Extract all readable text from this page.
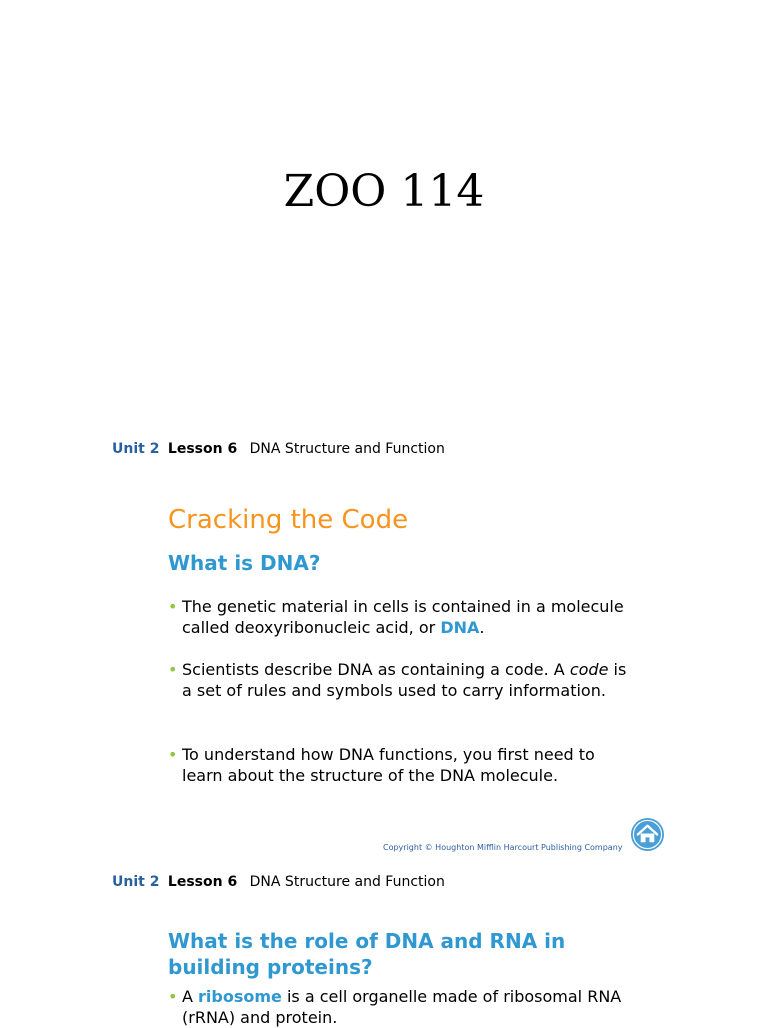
ZOO 114
Unit 2 Lesson 6 DNA Structure and Function
Cracking the Code
What is DNA?
• The genetic material in cells is contained in a molecule called deoxyribonucleic acid, or DNA.
• Scientists describe DNA as containing a code. A code is a set of rules and symbols used to carry information.
• To understand how DNA functions, you first need to learn about the structure of the DNA molecule.
Copyright © Houghton Mifflin Harcourt Publishing Company
Unit 2 Lesson 6 DNA Structure and Function
What is the role of DNA and RNA in building proteins?
• A ribosome is a cell organelle made of ribosomal RNA (rRNA) and protein.
